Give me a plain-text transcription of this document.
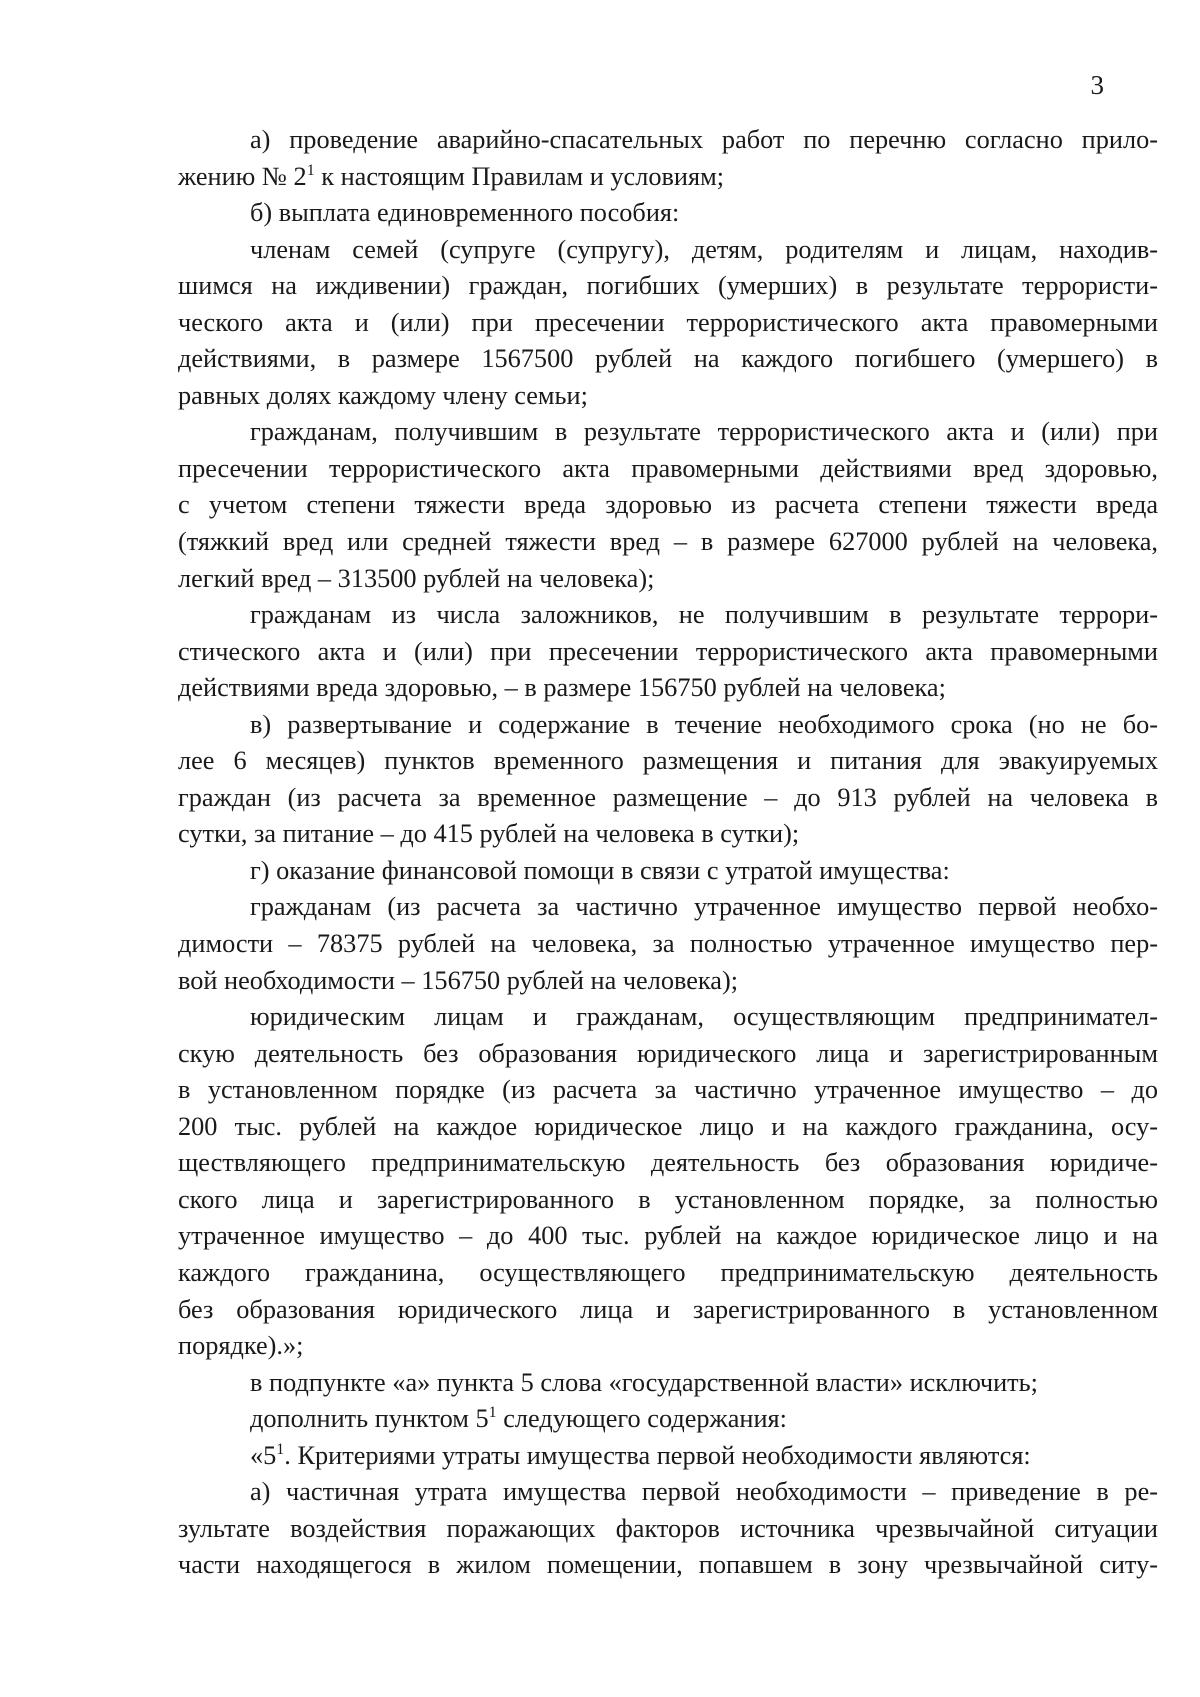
3
а) проведение аварийно-спасательных работ по перечню согласно прило-
жению № $2^1$ к настоящим Правилам и условиям;
б) выплата единовременного пособия:
членам семей (супруге (супругу), детям, родителям и лицам, находив-
шимся на иждивении) граждан, погибших (умерших) в результате террористи-
ческого акта и (или) при пресечении террористического акта правомерными
действиями, в размере 1567500 рублей на каждого погибшего (умершего) в
равных долях каждому члену семьи;
гражданам, получившим в результате террористического акта и (или) при
пресечении террористического акта правомерными действиями вред здоровью,
с учетом степени тяжести вреда здоровью из расчета степени тяжести вреда
(тяжкий вред или средней тяжести вред – в размере 627000 рублей на человека,
легкий вред – 313500 рублей на человека);
гражданам из числа заложников, не получившим в результате террори-
стического акта и (или) при пресечении террористического акта правомерными
действиями вреда здоровью, – в размере 156750 рублей на человека;
в) развертывание и содержание в течение необходимого срока (но не бо-
лее 6 месяцев) пунктов временного размещения и питания для эвакуируемых
граждан (из расчета за временное размещение – до 913 рублей на человека в
сутки, за питание – до 415 рублей на человека в сутки);
г) оказание финансовой помощи в связи с утратой имущества:
гражданам (из расчета за частично утраченное имущество первой необхо-
димости – 78375 рублей на человека, за полностью утраченное имущество пер-
вой необходимости – 156750 рублей на человека);
юридическим лицам и гражданам, осуществляющим предпринимател-
скую деятельность без образования юридического лица и зарегистрированным
в установленном порядке (из расчета за частично утраченное имущество – до
200 тыс. рублей на каждое юридическое лицо и на каждого гражданина, осу-
ществляющего предпринимательскую деятельность без образования юридиче-
ского лица и зарегистрированного в установленном порядке, за полностью
утраченное имущество – до 400 тыс. рублей на каждое юридическое лицо и на
каждого гражданина, осуществляющего предпринимательскую деятельность
без образования юридического лица и зарегистрированного в установленном
порядке).»;
в подпункте «а» пункта 5 слова «государственной власти» исключить;
дополнить пунктом $5^1$ следующего содержания:
«$5^1$. Критериями утраты имущества первой необходимости являются:
а) частичная утрата имущества первой необходимости – приведение в ре-
зультате воздействия поражающих факторов источника чрезвычайной ситуации
части находящегося в жилом помещении, попавшем в зону чрезвычайной ситу-
